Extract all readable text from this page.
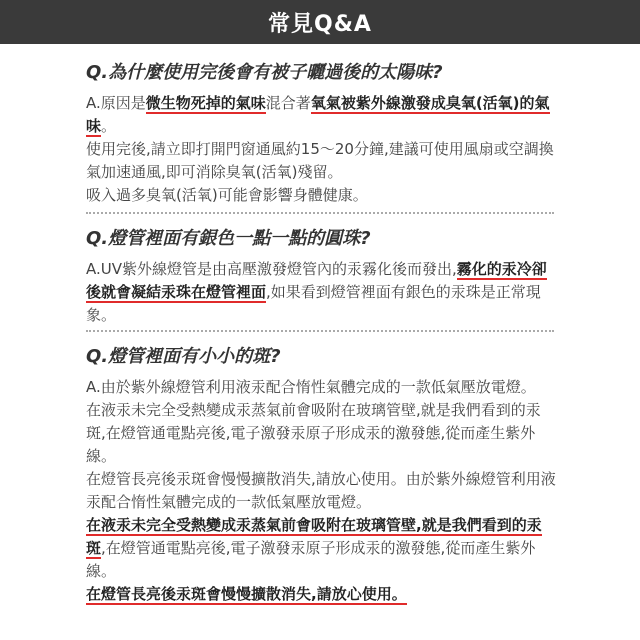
常見Q&A
Q.為什麼使用完後會有被子曬過後的太陽味?
A.原因是微生物死掉的氣味混合著氧氣被紫外線激發成臭氧(活氧)的氣味。
使用完後,請立即打開門窗通風約15～20分鐘,建議可使用風扇或空調換氣加速通風,即可消除臭氧(活氧)殘留。
吸入過多臭氧(活氧)可能會影響身體健康。
Q.燈管裡面有銀色一點一點的圓珠?
A.UV紫外線燈管是由高壓激發燈管內的汞霧化後而發出,霧化的汞冷卻後就會凝結汞珠在燈管裡面,如果看到燈管裡面有銀色的汞珠是正常現象。
Q.燈管裡面有小小的斑?
A.由於紫外線燈管利用液汞配合惰性氣體完成的一款低氣壓放電燈。
在液汞未完全受熱變成汞蒸氣前會吸附在玻璃管壁,就是我們看到的汞斑,在燈管通電點亮後,電子激發汞原子形成汞的激發態,從而產生紫外線。
在燈管長亮後汞斑會慢慢擴散消失,請放心使用。由於紫外線燈管利用液汞配合惰性氣體完成的一款低氣壓放電燈。
在液汞未完全受熱變成汞蒸氣前會吸附在玻璃管壁,就是我們看到的汞斑,在燈管通電點亮後,電子激發汞原子形成汞的激發態,從而產生紫外線。
在燈管長亮後汞斑會慢慢擴散消失,請放心使用。
